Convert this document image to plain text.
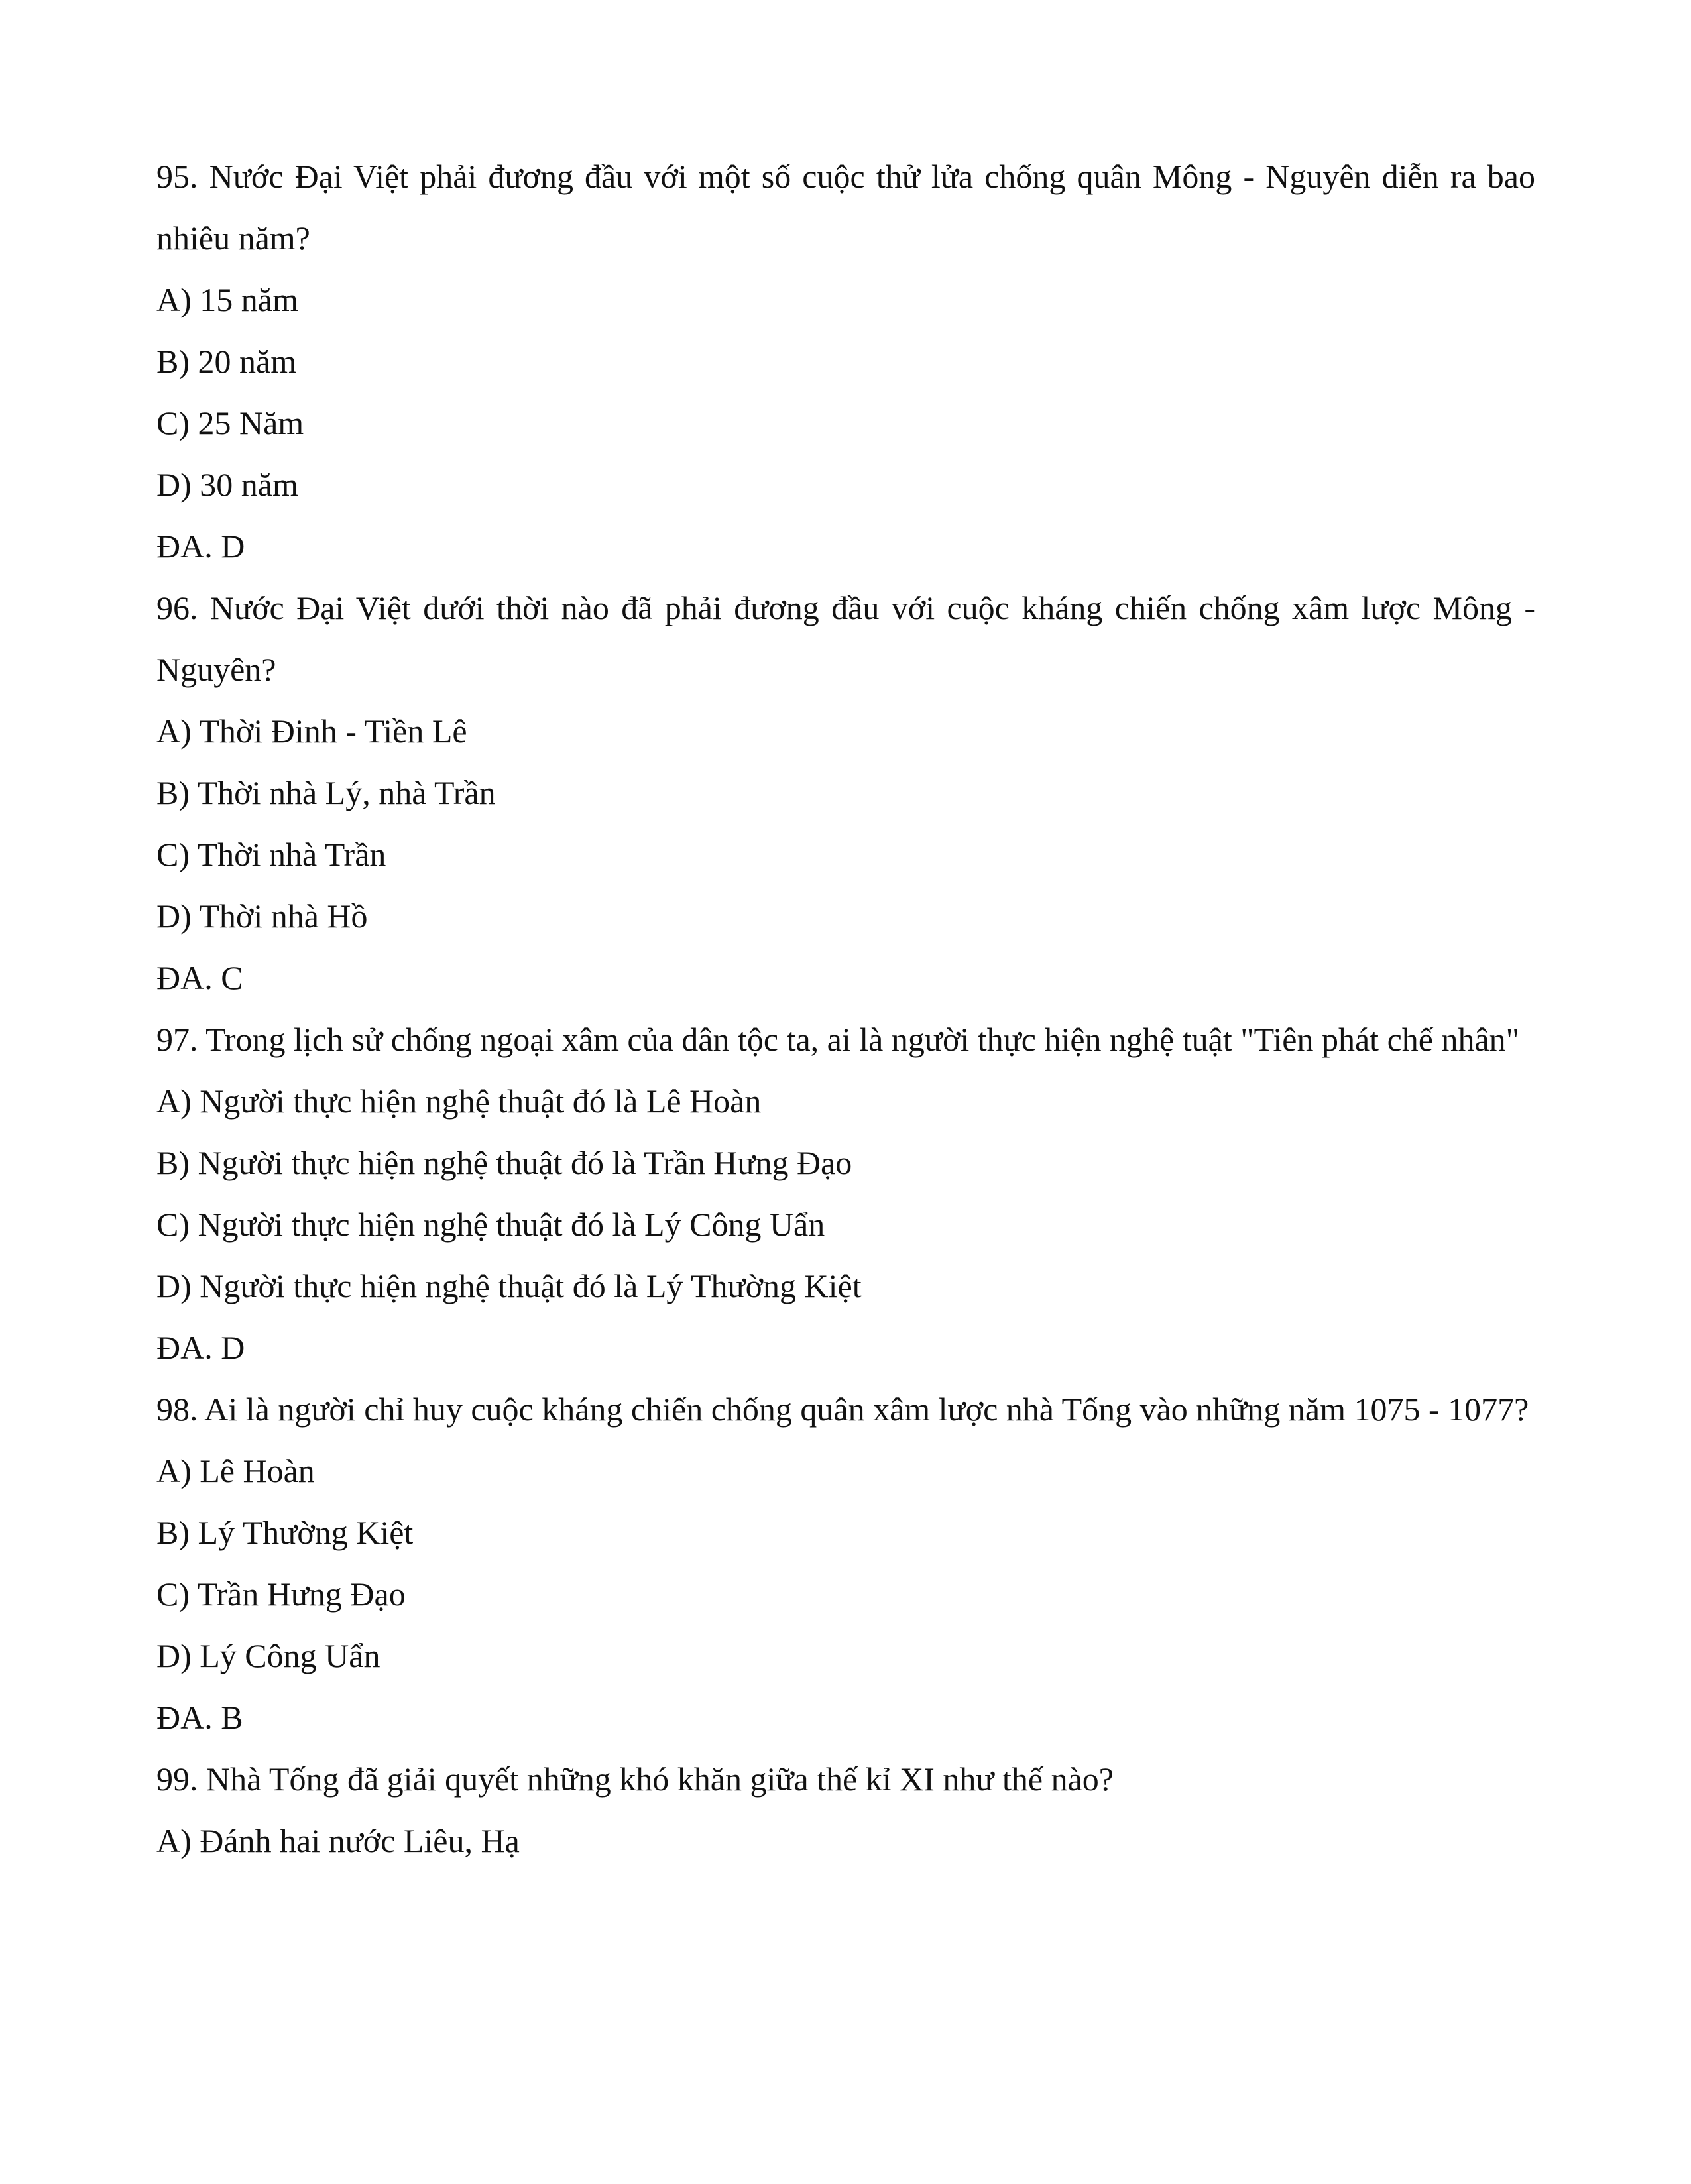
95. Nước Đại Việt phải đương đầu với một số cuộc thử lửa chống quân Mông - Nguyên diễn ra bao nhiêu năm?

A) 15 năm

B) 20 năm

C) 25 Năm

D) 30 năm

ĐA. D

96. Nước Đại Việt dưới thời nào đã phải đương đầu với cuộc kháng chiến chống xâm lược Mông - Nguyên?

A) Thời Đinh - Tiền Lê

B) Thời nhà Lý, nhà Trần

C) Thời nhà Trần

D) Thời nhà Hồ

ĐA. C

97. Trong lịch sử chống ngoại xâm của dân tộc ta, ai là người thực hiện nghệ tuật "Tiên phát chế nhân"

A) Người thực hiện nghệ thuật đó là Lê Hoàn

B) Người thực hiện nghệ thuật đó là Trần Hưng Đạo

C) Người thực hiện nghệ thuật đó là Lý Công Uẩn

D) Người thực hiện nghệ thuật đó là Lý Thường Kiệt

ĐA. D

98. Ai là người chỉ huy cuộc kháng chiến chống quân xâm lược nhà Tống vào những năm 1075 - 1077?

A) Lê Hoàn

B) Lý Thường Kiệt

C) Trần Hưng Đạo

D) Lý Công Uẩn

ĐA. B

99. Nhà Tống đã giải quyết những khó khăn giữa thế kỉ XI như thế nào?

A) Đánh hai nước Liêu, Hạ
